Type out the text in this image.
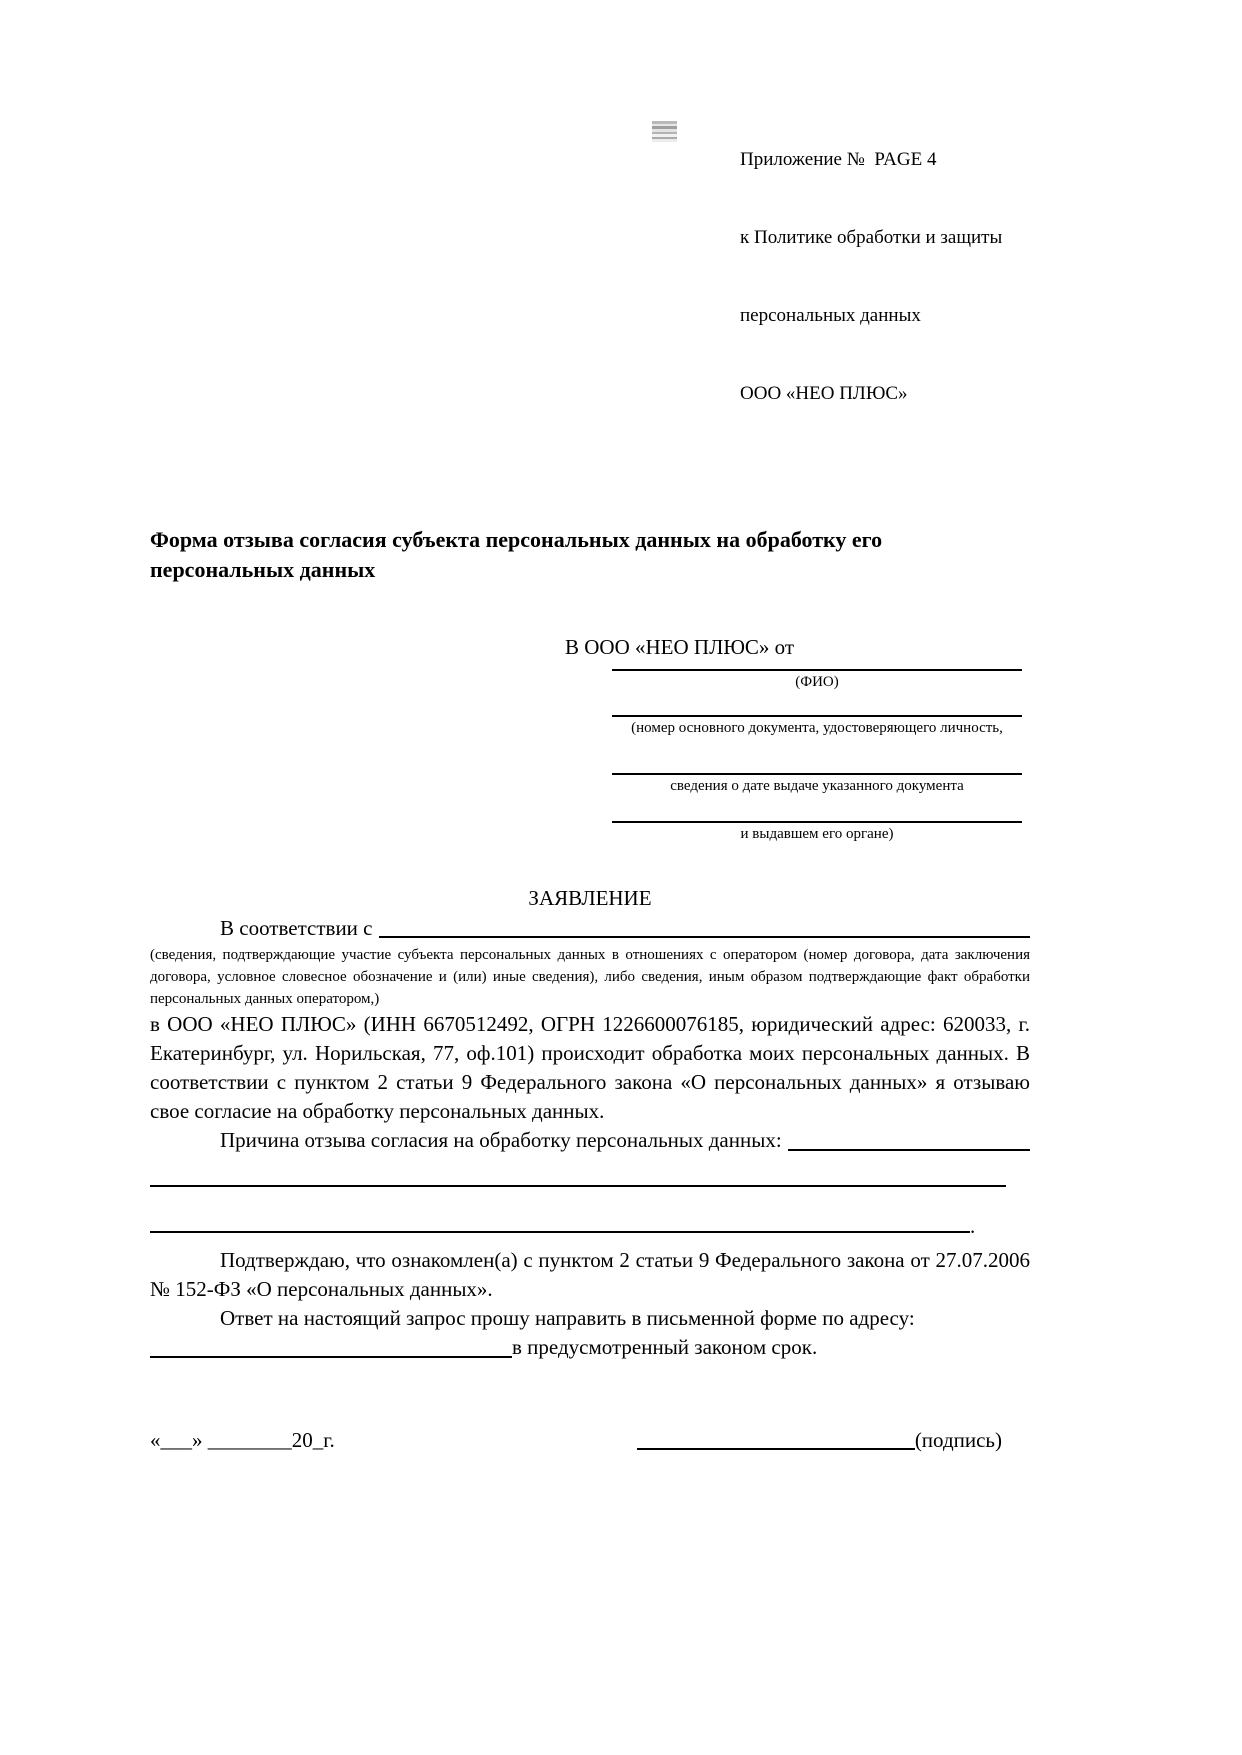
Приложение №  PAGE 4

к Политике обработки и защиты

персональных данных

ООО «НЕО ПЛЮС»

Форма отзыва согласия субъекта персональных данных на обработку его персональных данных
В ООО «НЕО ПЛЮС» от
(ФИО)
(номер основного документа, удостоверяющего личность,
сведения о дате выдаче указанного документа
и выдавшем его органе)
ЗАЯВЛЕНИЕ
В соответствии с
(сведения, подтверждающие участие субъекта персональных данных в отношениях с оператором (номер договора, дата заключения договора, условное словесное обозначение и (или) иные сведения), либо сведения, иным образом подтверждающие факт обработки персональных данных оператором,)
в ООО «НЕО ПЛЮС» (ИНН 6670512492, ОГРН 1226600076185, юридический адрес: 620033, г. Екатеринбург, ул. Норильская, 77, оф.101) происходит обработка моих персональных данных. В соответствии с пунктом 2 статьи 9 Федерального закона «О персональных данных» я отзываю свое согласие на обработку персональных данных.
Причина отзыва согласия на обработку персональных данных:
.
Подтверждаю, что ознакомлен(а) с пунктом 2 статьи 9 Федерального закона от 27.07.2006 № 152-ФЗ «О персональных данных».
Ответ на настоящий запрос прошу направить в письменной форме по адресу:
в предусмотренный законом срок.
«___» ________20_г.	(подпись)
